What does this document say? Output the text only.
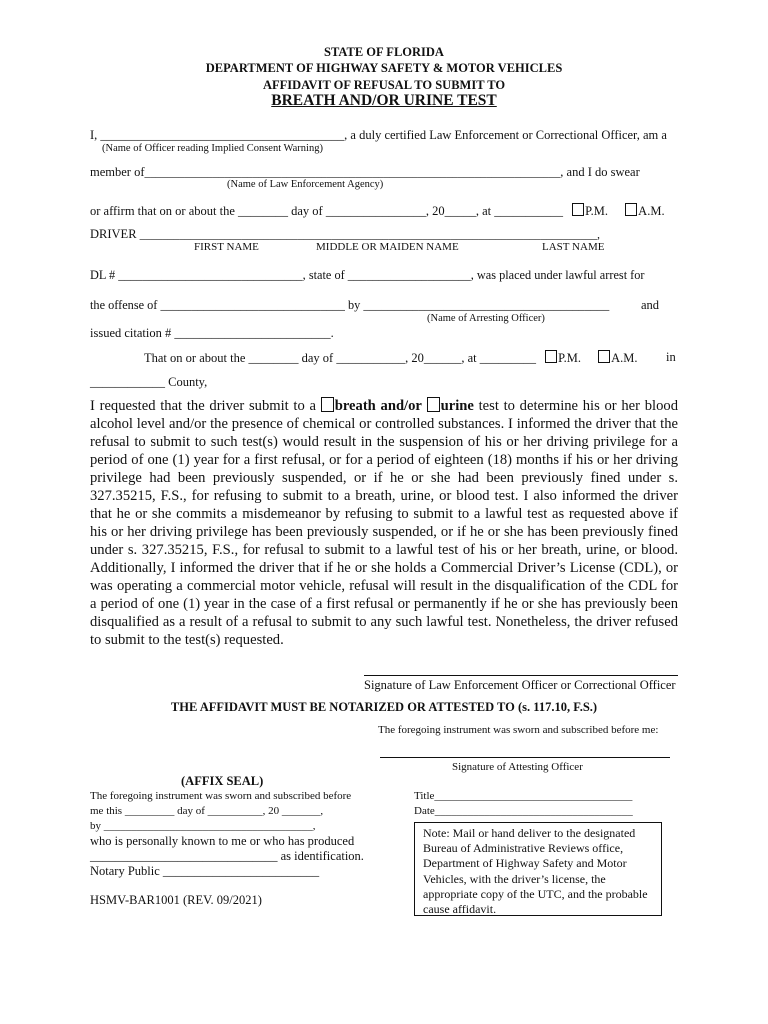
STATE OF FLORIDA
DEPARTMENT OF HIGHWAY SAFETY & MOTOR VEHICLES
AFFIDAVIT OF REFUSAL TO SUBMIT TO
BREATH AND/OR URINE TEST
I, _______________________________________, a duly certified Law Enforcement or Correctional Officer, am a
(Name of Officer reading Implied Consent Warning)
member of_________________________________________________________________________, and I do swear
(Name of Law Enforcement Agency)
or affirm that on or about the ________ day of ________________, 20_____, at ___________ P.M. A.M.
DRIVER _________________________________________________________________________________,
FIRST NAME	MIDDLE OR MAIDEN NAME	LAST NAME
DL # ______________________________, state of ____________________, was placed under lawful arrest for
the offense of ______________________________ by ________________________________________	and
(Name of Arresting Officer)
issued citation # _________________________.
That on or about the ________ day of ___________, 20______, at _________ P.M. A.M. in
____________ County,
I requested that the driver submit to a breath and/or urine test to determine his or her blood alcohol level and/or the presence of chemical or controlled substances. I informed the driver that the refusal to submit to such test(s) would result in the suspension of his or her driving privilege for a period of one (1) year for a first refusal, or for a period of eighteen (18) months if his or her driving privilege had been previously suspended, or if he or she had been previously fined under s. 327.35215, F.S., for refusing to submit to a breath, urine, or blood test. I also informed the driver that he or she commits a misdemeanor by refusing to submit to a lawful test as requested above if his or her driving privilege has been previously suspended, or if he or she has been previously fined under s. 327.35215, F.S., for refusal to submit to a lawful test of his or her breath, urine, or blood. Additionally, I informed the driver that if he or she holds a Commercial Driver’s License (CDL), or was operating a commercial motor vehicle, refusal will result in the disqualification of the CDL for a period of one (1) year in the case of a first refusal or permanently if he or she has previously been disqualified as a result of a refusal to submit to any such lawful test. Nonetheless, the driver refused to submit to the test(s) requested.
Signature of Law Enforcement Officer or Correctional Officer
THE AFFIDAVIT MUST BE NOTARIZED OR ATTESTED TO (s. 117.10, F.S.)
The foregoing instrument was sworn and subscribed before me:
Signature of Attesting Officer
(AFFIX SEAL)
The foregoing instrument was sworn and subscribed before
me this _________ day of __________, 20 _______,
by ______________________________________,
who is personally known to me or who has produced
______________________________ as identification.
Notary Public _________________________
HSMV-BAR1001 (REV. 09/2021)
Title____________________________________
Date____________________________________
Note: Mail or hand deliver to the designated Bureau of Administrative Reviews office, Department of Highway Safety and Motor Vehicles, with the driver’s license, the appropriate copy of the UTC, and the probable cause affidavit.
